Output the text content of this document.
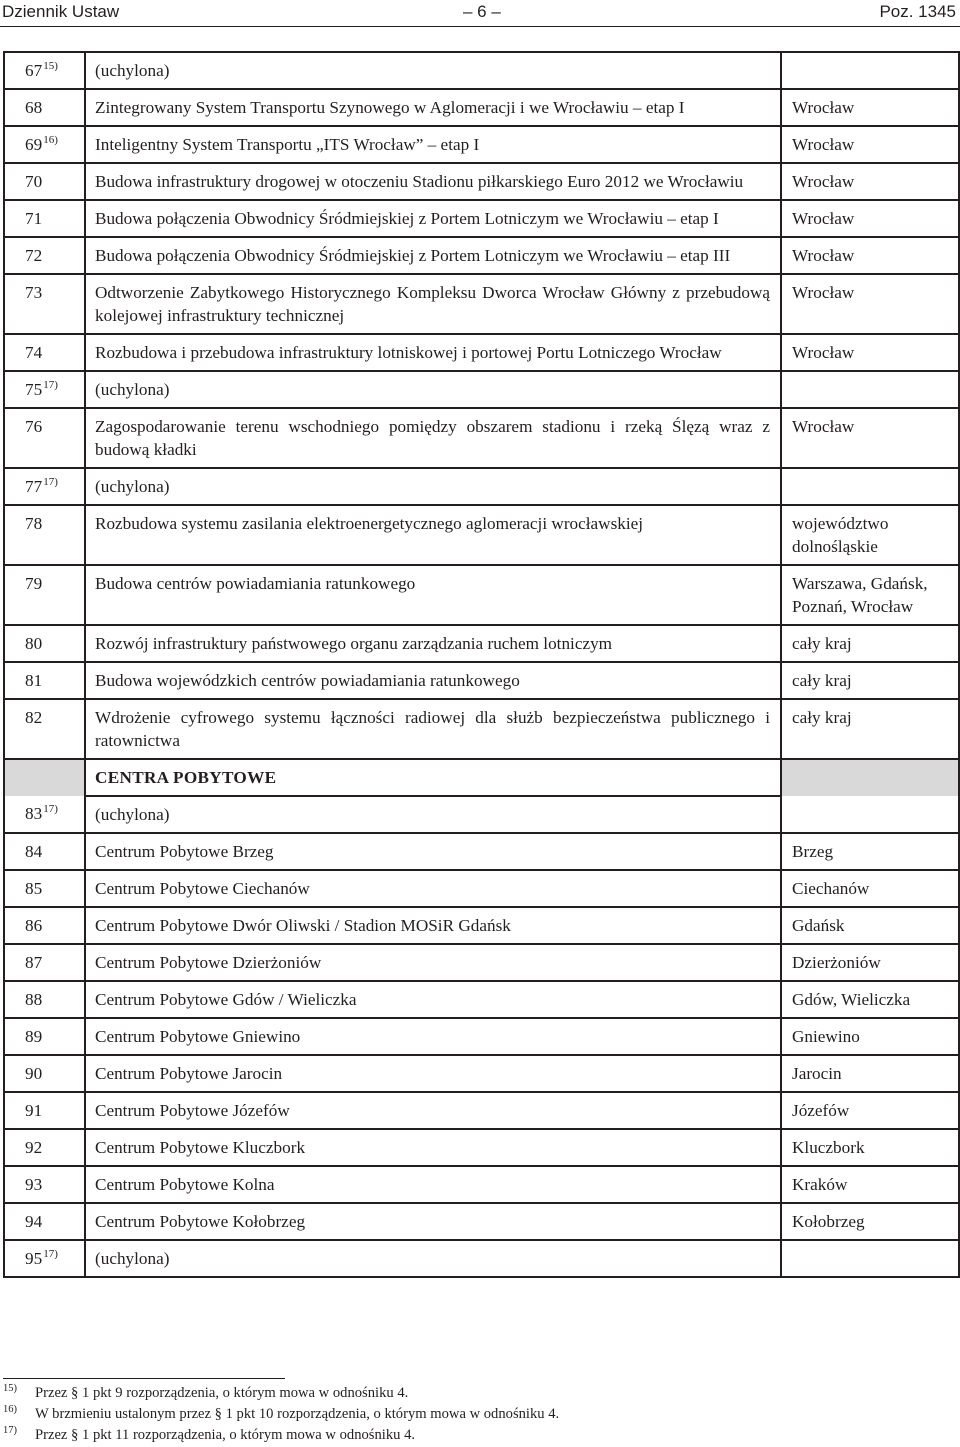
Dziennik Ustaw	– 6 –	Poz. 1345
67$^{15)}$	(uchylona)	
68	Zintegrowany System Transportu Szynowego w Aglomeracji i we Wrocławiu – etap I	Wrocław
69$^{16)}$	Inteligentny System Transportu „ITS Wrocław” – etap I	Wrocław
70	Budowa infrastruktury drogowej w otoczeniu Stadionu piłkarskiego Euro 2012 we Wrocławiu	Wrocław
71	Budowa połączenia Obwodnicy Śródmiejskiej z Portem Lotniczym we Wrocławiu – etap I	Wrocław
72	Budowa połączenia Obwodnicy Śródmiejskiej z Portem Lotniczym we Wrocławiu – etap III	Wrocław
73	Odtworzenie Zabytkowego Historycznego Kompleksu Dworca Wrocław Główny z przebudową kolejowej infrastruktury technicznej	Wrocław
74	Rozbudowa i przebudowa infrastruktury lotniskowej i portowej Portu Lotniczego Wrocław	Wrocław
75$^{17)}$	(uchylona)	
76	Zagospodarowanie terenu wschodniego pomiędzy obszarem stadionu i rzeką Ślęzą wraz z budową kładki	Wrocław
77$^{17)}$	(uchylona)	
78	Rozbudowa systemu zasilania elektroenergetycznego aglomeracji wrocławskiej	województwo dolnośląskie
79	Budowa centrów powiadamiania ratunkowego	Warszawa, Gdańsk, Poznań, Wrocław
80	Rozwój infrastruktury państwowego organu zarządzania ruchem lotniczym	cały kraj
81	Budowa wojewódzkich centrów powiadamiania ratunkowego	cały kraj
82	Wdrożenie cyfrowego systemu łączności radiowej dla służb bezpieczeństwa publicznego i ratownictwa	cały kraj
	CENTRA POBYTOWE	
83$^{17)}$	(uchylona)	
84	Centrum Pobytowe Brzeg	Brzeg
85	Centrum Pobytowe Ciechanów	Ciechanów
86	Centrum Pobytowe Dwór Oliwski / Stadion MOSiR Gdańsk	Gdańsk
87	Centrum Pobytowe Dzierżoniów	Dzierżoniów
88	Centrum Pobytowe Gdów / Wieliczka	Gdów, Wieliczka
89	Centrum Pobytowe Gniewino	Gniewino
90	Centrum Pobytowe Jarocin	Jarocin
91	Centrum Pobytowe Józefów	Józefów
92	Centrum Pobytowe Kluczbork	Kluczbork
93	Centrum Pobytowe Kolna	Kraków
94	Centrum Pobytowe Kołobrzeg	Kołobrzeg
95$^{17)}$	(uchylona)	
15) Przez § 1 pkt 9 rozporządzenia, o którym mowa w odnośniku 4.
16) W brzmieniu ustalonym przez § 1 pkt 10 rozporządzenia, o którym mowa w odnośniku 4.
17) Przez § 1 pkt 11 rozporządzenia, o którym mowa w odnośniku 4.
